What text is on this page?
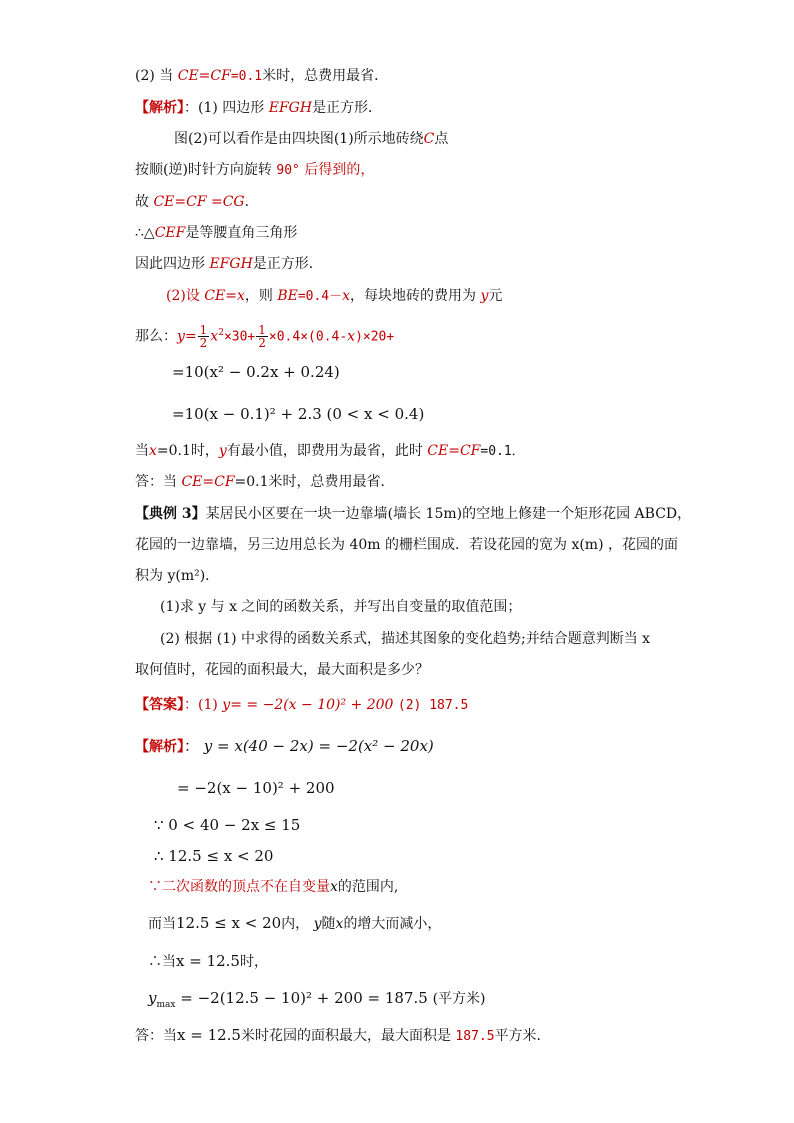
(2) 当 CE=CF=0.1米时，总费用最省．
【解析】：(1) 四边形 EFGH是正方形．
图(2)可以看作是由四块图(1)所示地砖绕C点
按顺(逆)时针方向旋转 90° 后得到的，
故 CE=CF =CG．
∴△CEF是等腰直角三角形
因此四边形 EFGH是正方形．
(2)设 CE=x，则 BE=0.4－x，每块地砖的费用为 y元
那么：$y= \frac{1}{2} x^2\times 30+ \frac{1}{2} \times 0.4\times(0.4-x)\times 20+$
=10(x² − 0.2x + 0.24)
=10(x − 0.1)² + 2.3 (0 < x < 0.4)
当x=0.1时，y有最小值，即费用为最省，此时 CE=CF=0.1．
答：当 CE=CF=0.1米时，总费用最省．
【典例 3】某居民小区要在一块一边靠墙(墙长 15m)的空地上修建一个矩形花园 ABCD，
花园的一边靠墙，另三边用总长为 40m 的栅栏围成．若设花园的宽为 x(m) ，花园的面
积为 y(m²)．
(1)求 y 与 x 之间的函数关系，并写出自变量的取值范围；
(2) 根据 (1) 中求得的函数关系式，描述其图象的变化趋势;并结合题意判断当 x
取何值时，花园的面积最大，最大面积是多少？
【答案】：(1) y= = −2(x − 10)² + 200 (2) 187.5
【解析】： y = x(40 − 2x) = −2(x² − 20x)
= −2(x − 10)² + 200
∵ 0 < 40 − 2x ≤ 15
∴ 12.5 ≤ x < 20
∵二次函数的顶点不在自变量x的范围内,
而当12.5 ≤ x < 20内， y随x的增大而减小，
∴当x = 12.5时，
$y_{max} = -2(12.5 - 10)^2 + 200 = 187.5$ (平方米)
答：当x = 12.5米时花园的面积最大，最大面积是 187.5平方米．
